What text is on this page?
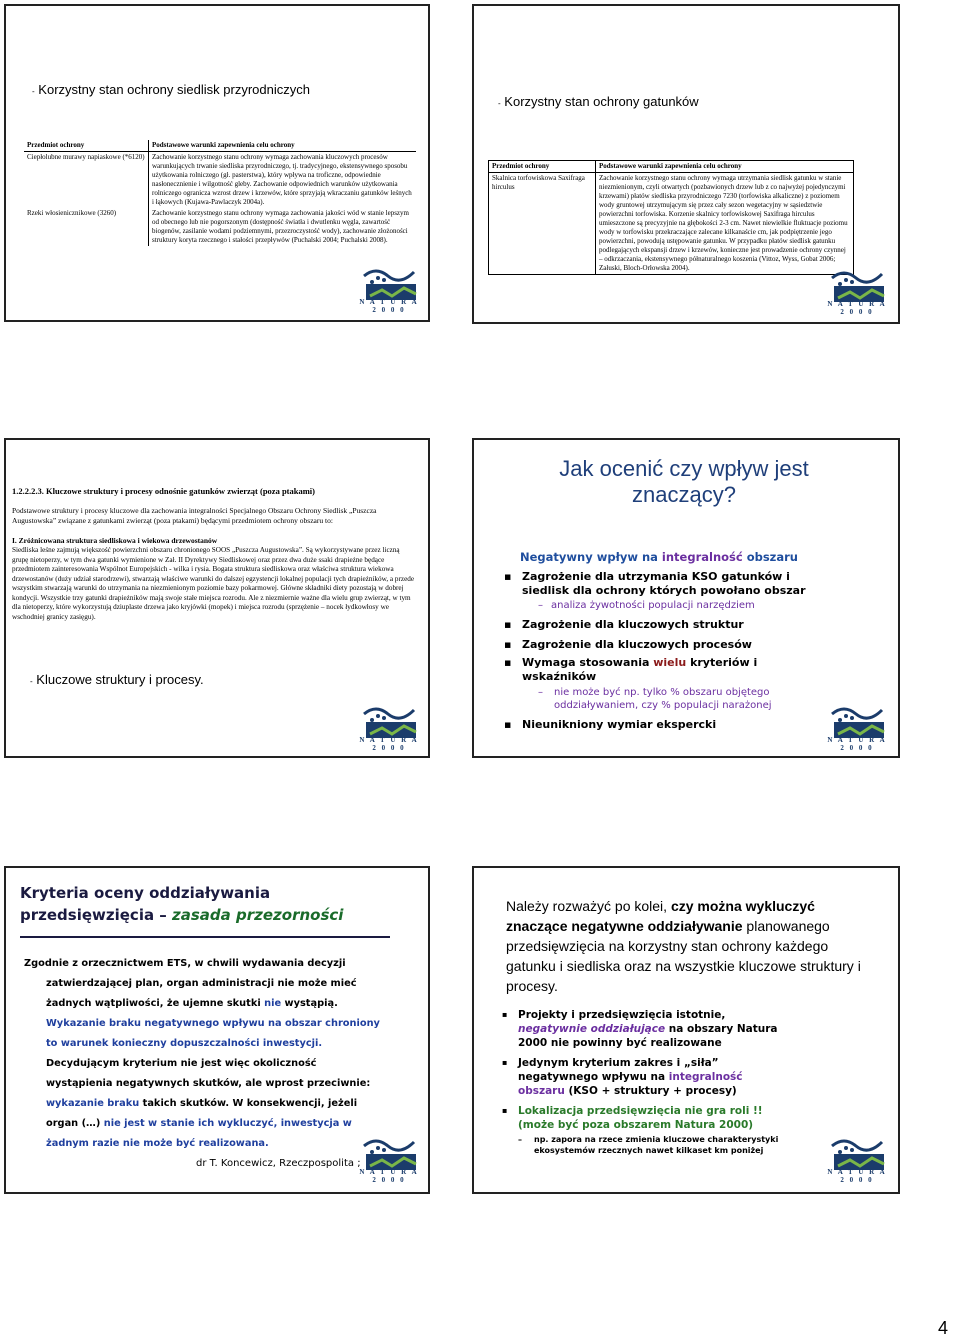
- Korzystny stan ochrony siedlisk przyrodniczych
Przedmiot ochrony	Podstawowe warunki zapewnienia celu ochrony
Ciepłolubne murawy napiaskowe (*6120)	Zachowanie korzystnego stanu ochrony wymaga zachowania kluczowych procesów warunkujących trwanie siedliska przyrodniczego, tj. tradycyjnego, ekstensywnego sposobu użytkowania rolniczego (gł. pasterstwa), który wpływa na troficzne, odpowiednie nasłonecznienie i wilgotność gleby. Zachowanie odpowiednich warunków użytkowania rolniczego ogranicza wzrost drzew i krzewów, które sprzyjają wkraczaniu gatunków leśnych i łąkowych (Kujawa-Pawlaczyk 2004a).
Rzeki włosienicznikowe (3260)	Zachowanie korzystnego stanu ochrony wymaga zachowania jakości wód w stanie lepszym od obecnego lub nie pogorszonym (dostępność światła i dwutlenku węgla, zawartość biogenów, zasilanie wodami podziemnymi, przezroczystość wody), zachowanie złożoności struktury koryta rzecznego i stałości przepływów (Puchalski 2004; Puchalski 2008).
N A T U R A 2 0 0 0
- Korzystny stan ochrony gatunków
Przedmiot ochrony	Podstawowe warunki zapewnienia celu ochrony
Skalnica torfowiskowa Saxifraga hirculus	Zachowanie korzystnego stanu ochrony wymaga utrzymania siedlisk gatunku w stanie niezmienionym, czyli otwartych (pozbawionych drzew lub z co najwyżej pojedynczymi krzewami) płatów siedliska przyrodniczego 7230 (torfowiska alkaliczne) z poziomem wody gruntowej utrzymującym się przez cały sezon wegetacyjny w sąsiedztwie powierzchni torfowiska. Korzenie skalnicy torfowiskowej Saxifraga hirculus umieszczone są precyzyjnie na głębokości 2-3 cm. Nawet niewielkie fluktuacje poziomu wody w torfowisku przekraczające zalecane kilkanaście cm, jak podpiętrzenie jego powierzchni, powodują ustępowanie gatunku. W przypadku płatów siedlisk gatunku podlegających ekspansji drzew i krzewów, konieczne jest prowadzenie ochrony czynnej – odkrzaczania, ekstensywnego półnaturalnego koszenia (Vittoz, Wyss, Gobat 2006; Załuski, Bloch-Orłowska 2004).
N A T U R A 2 0 0 0
1.2.2.2.3. Kluczowe struktury i procesy odnośnie gatunków zwierząt (poza ptakami)
Podstawowe struktury i procesy kluczowe dla zachowania integralności Specjalnego Obszaru Ochrony Siedlisk „Puszcza Augustowska” związane z gatunkami zwierząt (poza ptakami) będącymi przedmiotem ochrony obszaru to:
I. Zróżnicowana struktura siedliskowa i wiekowa drzewostanów
Siedliska leśne zajmują większość powierzchni obszaru chronionego SOOS „Puszcza Augustowska”. Są wykorzystywane przez liczną grupę nietoperzy, w tym dwa gatunki wymienione w Zał. II Dyrektywy Siedliskowej oraz przez dwa duże ssaki drapieżne będące przedmiotem zainteresowania Wspólnot Europejskich - wilka i rysia. Bogata struktura siedliskowa oraz właściwa struktura wiekowa drzewostanów (duży udział starodrzewi), stwarzają właściwe warunki do dalszej egzystencji lokalnej populacji tych drapieżników, a przede wszystkim stwarzają warunki do utrzymania na niezmienionym poziomie bazy pokarmowej. Główne składniki diety pozostają w dobrej kondycji. Wszystkie trzy gatunki drapieżników mają swoje stałe miejsca rozrodu. Ale z niezmiernie ważne dla wielu grup zwierząt, w tym dla nietoperzy, które wykorzystują dziuplaste drzewa jako kryjówki (mopek) i miejsca rozrodu (sprzężenie – nocek łydkowłosy we wschodniej granicy zasięgu).
- Kluczowe struktury i procesy.
N A T U R A 2 0 0 0
Jak ocenić czy wpływ jest znaczący?
Negatywny wpływ na integralność obszaru
▪ Zagrożenie dla utrzymania KSO gatunków i siedlisk dla ochrony których powołano obszar
– analiza żywotności populacji narzędziem
▪ Zagrożenie dla kluczowych struktur
▪ Zagrożenie dla kluczowych procesów
▪ Wymaga stosowania wielu kryteriów i wskaźników
– nie może być np. tylko % obszaru objętego oddziaływaniem, czy % populacji narażonej
▪ Nieunikniony wymiar ekspercki
N A T U R A 2 0 0 0
Kryteria oceny oddziaływania
przedsięwzięcia – zasada przezorności
Zgodnie z orzecznictwem ETS, w chwili wydawania decyzji
zatwierdzającej plan, organ administracji nie może mieć
żadnych wątpliwości, że ujemne skutki nie wystąpią.
Wykazanie braku negatywnego wpływu na obszar chroniony
to warunek konieczny dopuszczalności inwestycji.
Decydującym kryterium nie jest więc okoliczność
wystąpienia negatywnych skutków, ale wprost przeciwnie:
wykazanie braku takich skutków. W konsekwencji, jeżeli
organ (…) nie jest w stanie ich wykluczyć, inwestycja w
żadnym razie nie może być realizowana.
dr T. Koncewicz, Rzeczpospolita ;
N A T U R A 2 0 0 0
Należy rozważyć po kolei, czy można wykluczyć znaczące negatywne oddziaływanie planowanego przedsięwzięcia na korzystny stan ochrony każdego gatunku i siedliska oraz na wszystkie kluczowe struktury i procesy.
▪ Projekty i przedsięwzięcia istotnie, negatywnie oddziałujące na obszary Natura 2000 nie powinny być realizowane
▪ Jedynym kryterium zakres i „siła” negatywnego wpływu na integralność obszaru (KSO + struktury + procesy)
▪ Lokalizacja przedsięwzięcia nie gra roli !! (może być poza obszarem Natura 2000)
– np. zapora na rzece zmienia kluczowe charakterystyki ekosystemów rzecznych nawet kilkaset km poniżej
N A T U R A 2 0 0 0
4
